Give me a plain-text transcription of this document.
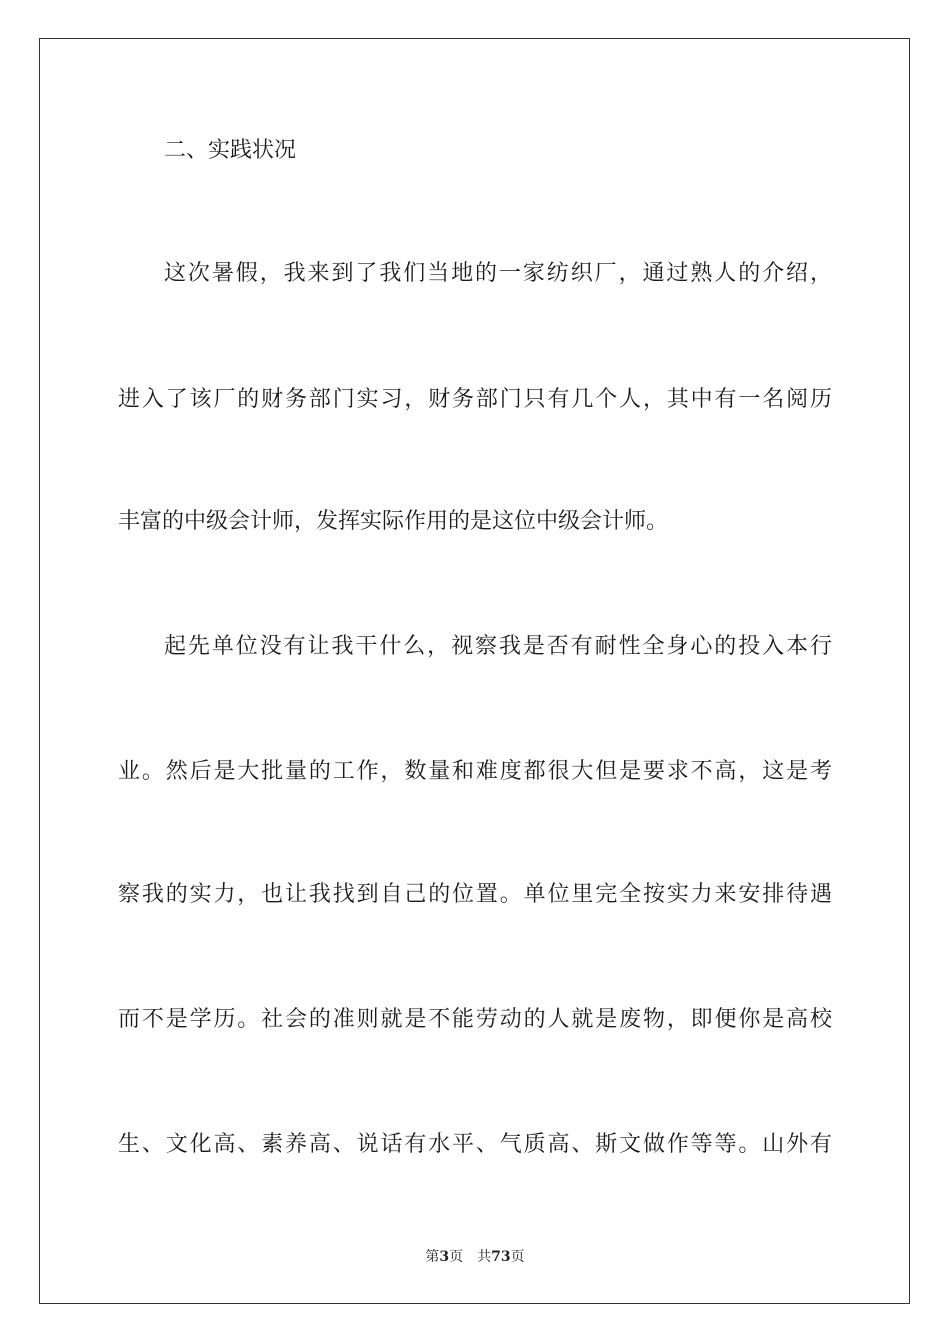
二、实践状况
这次暑假，我来到了我们当地的一家纺织厂，通过熟人的介绍，
进入了该厂的财务部门实习，财务部门只有几个人，其中有一名阅历
丰富的中级会计师，发挥实际作用的是这位中级会计师。
起先单位没有让我干什么，视察我是否有耐性全身心的投入本行
业。然后是大批量的工作，数量和难度都很大但是要求不高，这是考
察我的实力，也让我找到自己的位置。单位里完全按实力来安排待遇
而不是学历。社会的准则就是不能劳动的人就是废物，即便你是高校
生、文化高、素养高、说话有水平、气质高、斯文做作等等。山外有
第3页 共73页
